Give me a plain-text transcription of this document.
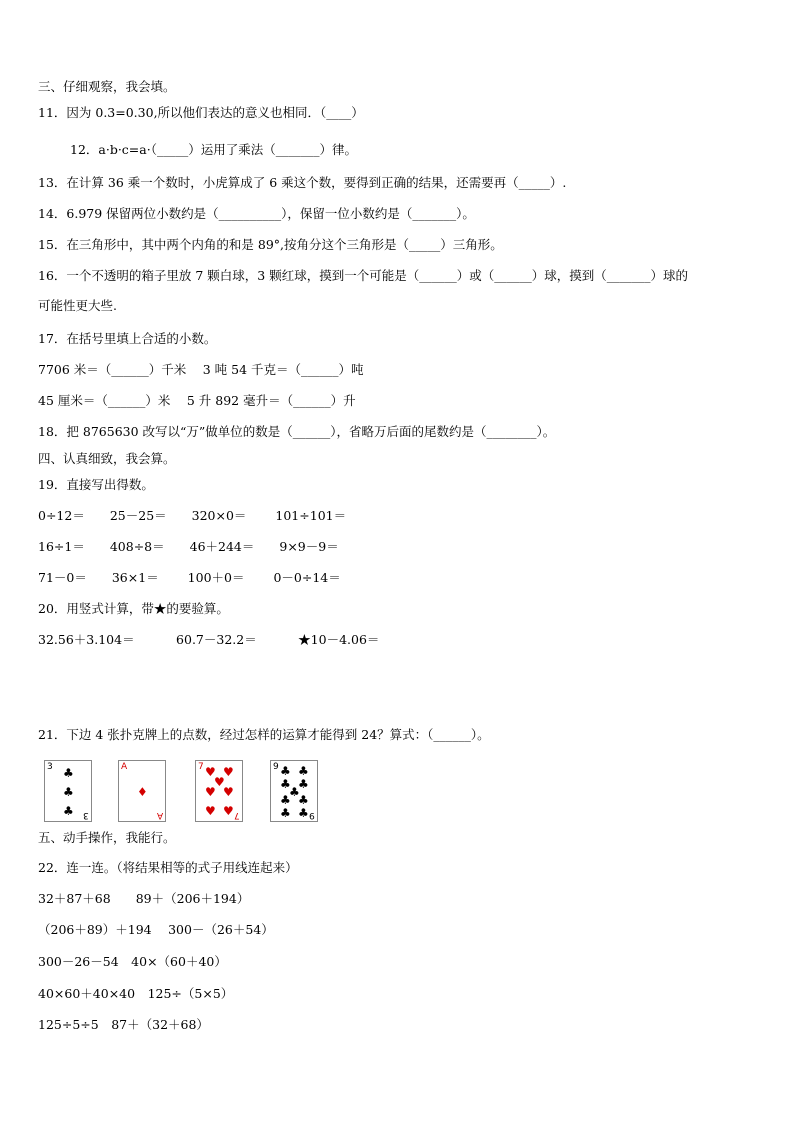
三、仔细观察，我会填。
11．因为 0.3=0.30,所以他们表达的意义也相同．（____）
12．a·b·c=a·（_____）运用了乘法（_______）律。
13．在计算 36 乘一个数时，小虎算成了 6 乘这个数，要得到正确的结果，还需要再（_____）.
14．6.979 保留两位小数约是（__________），保留一位小数约是（_______）。
15．在三角形中，其中两个内角的和是 89°,按角分这个三角形是（_____）三角形。
16．一个不透明的箱子里放 7 颗白球，3 颗红球，摸到一个可能是（______）或（______）球，摸到（_______）球的
可能性更大些.
17．在括号里填上合适的小数。
7706 米＝（______）千米　 3 吨 54 千克＝（______）吨
45 厘米＝（______）米　 5 升 892 毫升＝（______）升
18．把 8765630 改写以“万”做单位的数是（______），省略万后面的尾数约是（________）。
四、认真细致，我会算。
19．直接写出得数。
0÷12＝　　25－25＝　　320×0＝　　 101÷101＝
16÷1＝　　408÷8＝　　46＋244＝　　9×9－9＝
71－0＝　　36×1＝　　 100＋0＝　　 0－0÷14＝
20．用竖式计算，带★的要验算。
32.56＋3.104＝　　　 60.7－32.2＝　　　 ★10－4.06＝
21．下边 4 张扑克牌上的点数，经过怎样的运算才能得到 24？算式：（______）。
3
3
♣
♣
♣
A
A
♦
7
7
♥ ♥
♥
♥ ♥
♥ ♥
9
9
♣ ♣
♣ ♣
♣
♣ ♣
♣ ♣
五、动手操作，我能行。
22．连一连。（将结果相等的式子用线连起来）
32＋87＋68　　89＋（206＋194）
（206＋89）＋194　 300－（26＋54）
300－26－54　40×（60＋40）
40×60＋40×40　125÷（5×5）
125÷5÷5　87＋（32＋68）
